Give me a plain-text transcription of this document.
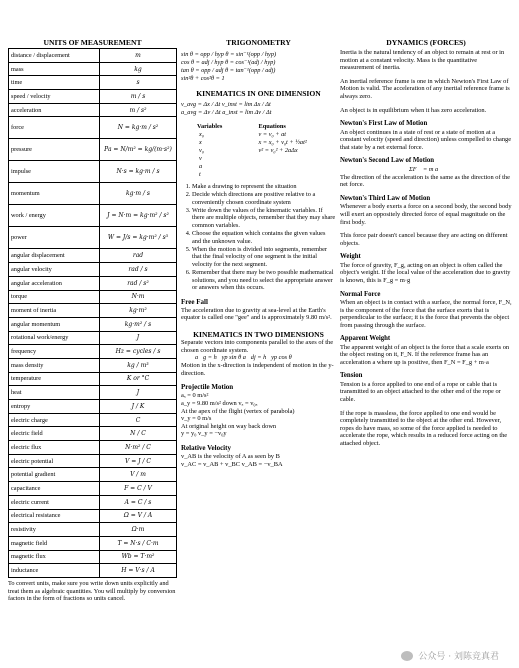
UNITS OF MEASUREMENT
distance / displacement	m
mass	kg
time	s
speed / velocity	m / s
acceleration	m / s²
force	N = kg·m / s²
pressure	Pa = N/m² = kg/(m·s²)
impulse	N·s = kg·m / s
momentum	kg·m / s
work / energy	J = N·m = kg·m² / s²
power	W = J/s = kg·m² / s³
angular displacement	rad
angular velocity	rad / s
angular acceleration	rad / s²
torque	N·m
moment of inertia	kg·m²
angular momentum	kg·m² / s
rotational work/energy	J
frequency	Hz = cycles / s
mass density	kg / m³
temperature	K or °C
heat	J
entropy	J / K
electric charge	C
electric field	N / C
electric flux	N·m² / C
electric potential	V = J / C
potential gradient	V / m
capacitance	F = C / V
electric current	A = C / s
electrical resistance	Ω = V / A
resistivity	Ω·m
magnetic field	T = N·s / C·m
magnetic flux	Wb = T·m²
inductance	H = V·s / A
To convert units, make sure you write down units explicitly and treat them as algebraic quantities. You will multiply by conversion factors in the form of fractions so units cancel.
TRIGONOMETRY
sin θ = opp / hyp θ = sin⁻¹(opp / hyp)
cos θ = adj / hyp θ = cos⁻¹(adj / hyp)
tan θ = opp / adj θ = tan⁻¹(opp / adj)
sin²θ + cos²θ = 1
KINEMATICS IN ONE DIMENSION
v_avg = Δx / Δt v_inst = lim Δx / Δt
a_avg = Δv / Δt a_inst = lim Δv / Δt
Variables	Equations
x₀
x
v₀
v
a
t
v = v₀ + at
x = x₀ + v₀t + ½at²
v² = v₀² + 2aΔx
1. Make a drawing to represent the situation
2. Decide which directions are positive relative to a conveniently chosen coordinate system
3. Write down the values of the kinematic variables. If there are multiple objects, remember that they may share common variables.
4. Choose the equation which contains the given values and the unknown value.
5. When the motion is divided into segments, remember that the final velocity of one segment is the initial velocity for the next segment.
6. Remember that there may be two possible mathematical solutions, and you need to select the appropriate answer or answers when this occurs.
Free Fall
The acceleration due to gravity at sea-level at the Earth's equator is called one "gee" and is approximately 9.80 m/s².
KINEMATICS IN TWO DIMENSIONS
Separate vectors into components parallel to the axes of the chosen coordinate system.
a⃗g = h⃗yp sin θ a⃗dj = h⃗yp cos θ
Motion in the x-direction is independent of motion in the y-direction.
Projectile Motion
aₓ = 0 m/s²
a_y = 9.80 m/s² down vₓ = v₀ₓ
At the apex of the flight (vertex of parabola)
v_y = 0 m/s
At original height on way back down
y = y₀ v_y = −v₀y
Relative Velocity
v_AB is the velocity of A as seen by B
v_AC = v_AB + v_BC v_AB = −v_BA
DYNAMICS (FORCES)
Inertia is the natural tendency of an object to remain at rest or in motion at a constant velocity. Mass is the quantitative measurement of inertia.
An inertial reference frame is one in which Newton's First Law of Motion is valid. The acceleration of any inertial reference frame is always zero.
An object is in equilibrium when it has zero acceleration.
Newton's First Law of Motion
An object continues in a state of rest or a state of motion at a constant velocity (speed and direction) unless compelled to change that state by a net external force.
Newton's Second Law of Motion
ΣF⃗ = m a⃗
The direction of the acceleration is the same as the direction of the net force.
Newton's Third Law of Motion
Whenever a body exerts a force on a second body, the second body will exert an oppositely directed force of equal magnitude on the first body.
This force pair doesn't cancel because they are acting on different objects.
Weight
The force of gravity, F_g, acting on an object is often called the object's weight. If the local value of the acceleration due to gravity is known, this is F_g = m·g
Normal Force
When an object is in contact with a surface, the normal force, F_N, is the component of the force that the surface exerts that is perpendicular to the surface; it is the force that prevents the object from passing through the surface.
Apparent Weight
The apparent weight of an object is the force that a scale exerts on the object resting on it, F_N. If the reference frame has an acceleration a where up is positive, then F_N = F_g + m·a
Tension
Tension is a force applied to one end of a rope or cable that is transmitted to an object attached to the other end of the rope or cable.
If the rope is massless, the force applied to one end would be completely transmitted to the object at the other end. However, ropes do have mass, so some of the force applied is needed to accelerate the rope, which results in a reduced force acting on the attached object.
公众号 · 刘陈竞真君
